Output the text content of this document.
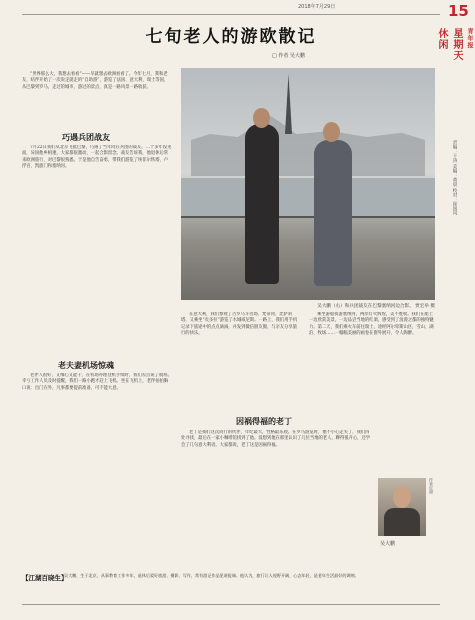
2018年7月29日	15
青年报
星期天
休闲
责编：于涛 美编：黄晨 校对：崔国风
七旬老人的游欧散记
□ 作者 吴大鹏
“世界那么大，我想去看看”——早就想去欧洲看看了。今年七月，我和老友，结伴开始了一次说走就走的“自助游”，游览了法国、意大利、瑞士等国，从巴黎到罗马，走过的城市，游过的景点，真是一路风景一路收获。
吴大鹏（右）和兵团战友在巴黎塞纳河边合影。 贾宏举 摄
巧遇兵团战友
7月22日我们从北京飞抵巴黎，巧遇了当年同在兵团的战友。二十多年没见面，异国他乡相逢，大家都很激动，一起合影留念。战友告诉我，他退休后常来欧洲旅行，对巴黎很熟悉。于是他自告奋勇，带我们游览了埃菲尔铁塔、卢浮宫、凯旋门和塞纳河。
老夫妻机场惊魂
老伴人很好，又细心又能干，在机场办理登机手续时，我们差点误了航班。幸亏工作人员及时提醒，我们一路小跑才赶上飞机。坐在飞机上，老伴拍拍胸口说：出门在外，凡事都要提前准备，可不能大意。
在意大利，我们参观了古罗马斗兽场、梵蒂冈、比萨斜塔，又乘坐“贡多拉”游览了水城威尼斯。一路上，我们用手机记录下旅途中的点点滴滴，并发到微信朋友圈，与亲友分享旅行的快乐。
乘坐游船夜游塞纳河，两岸灯火辉煌，美不胜收。我们在船上一边欣赏美景，一边品尝当地的红酒，感受到了浪漫之都的独特魅力。第二天，我们乘火车前往瑞士，途经阿尔卑斯山区，雪山、湖泊、牧场……一幅幅美丽的画卷在窗外展开，令人陶醉。
因祸得福的老丁
老丁是我们这次同行的伙伴，年纪最大，性格最乐观。在罗马游览时，他不小心走失了，我们四处寻找，最后在一家小咖啡馆找到了他。没想到他在那里认识了几位当地的老人，聊得很开心，还学会了几句意大利语。大家都说，老丁这是因祸得福。
作者近照
吴大鹏
【江湖百晓生】
吴大鹏，生于北京，从事教育工作多年，退休后爱好旅游、摄影、写作，常有游记作品见诸报端。他认为，旅行让人视野开阔、心态年轻，是老年生活最好的调剂。
